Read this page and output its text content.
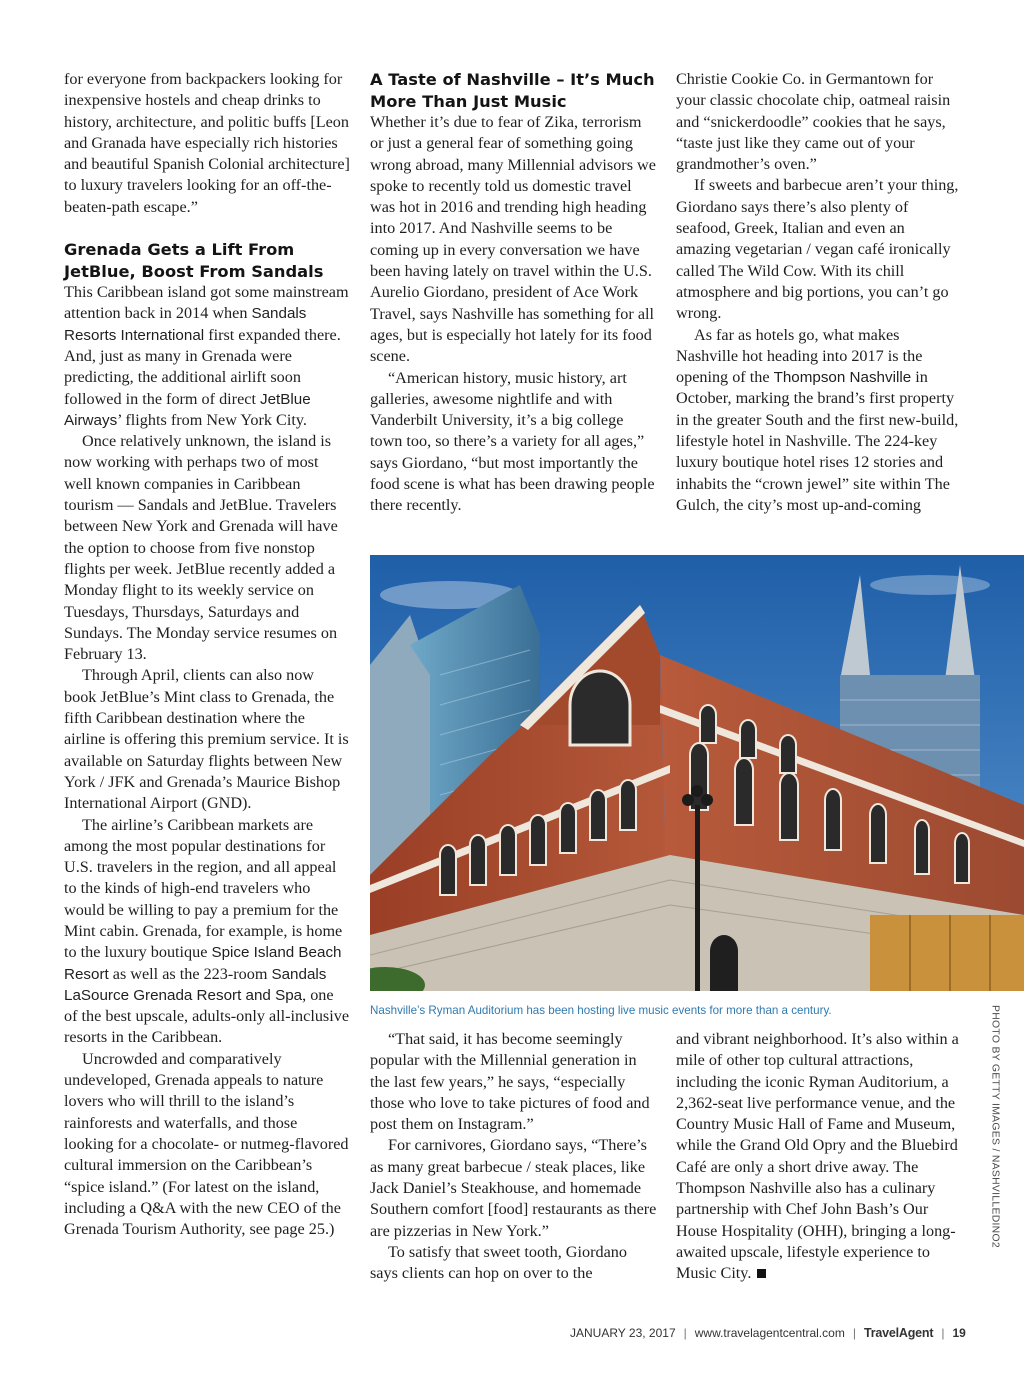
for everyone from backpackers looking for inexpensive hostels and cheap drinks to history, architecture, and politic buffs [Leon and Granada have especially rich histories and beautiful Spanish Colonial architecture] to luxury travelers looking for an off-the-beaten-path escape.”

Grenada Gets a Lift From JetBlue, Boost From Sandals

This Caribbean island got some mainstream attention back in 2014 when Sandals Resorts International first expanded there. And, just as many in Grenada were predicting, the additional airlift soon followed in the form of direct JetBlue Airways’ flights from New York City.

Once relatively unknown, the island is now working with perhaps two of most well known companies in Caribbean tourism — Sandals and JetBlue. Travelers between New York and Grenada will have the option to choose from five nonstop flights per week. JetBlue recently added a Monday flight to its weekly service on Tuesdays, Thursdays, Saturdays and Sundays. The Monday service resumes on February 13.

Through April, clients can also now book JetBlue’s Mint class to Grenada, the fifth Caribbean destination where the airline is offering this premium service. It is available on Saturday flights between New York / JFK and Grenada’s Maurice Bishop International Airport (GND).

The airline’s Caribbean markets are among the most popular destinations for U.S. travelers in the region, and all appeal to the kinds of high-end travelers who would be willing to pay a premium for the Mint cabin. Grenada, for example, is home to the luxury boutique Spice Island Beach Resort as well as the 223-room Sandals LaSource Grenada Resort and Spa, one of the best upscale, adults-only all-inclusive resorts in the Caribbean.

Uncrowded and comparatively undeveloped, Grenada appeals to nature lovers who will thrill to the island’s rainforests and waterfalls, and those looking for a chocolate- or nutmeg-flavored cultural immersion on the Caribbean’s “spice island.” (For latest on the island, including a Q&A with the new CEO of the Grenada Tourism Authority, see page 25.)

A Taste of Nashville – It’s Much More Than Just Music

Whether it’s due to fear of Zika, terrorism or just a general fear of something going wrong abroad, many Millennial advisors we spoke to recently told us domestic travel was hot in 2016 and trending high heading into 2017. And Nashville seems to be coming up in every conversation we have been having lately on travel within the U.S. Aurelio Giordano, president of Ace Work Travel, says Nashville has something for all ages, but is especially hot lately for its food scene.

“American history, music history, art galleries, awesome nightlife and with Vanderbilt University, it’s a big college town too, so there’s a variety for all ages,” says Giordano, “but most importantly the food scene is what has been drawing people there recently.

Christie Cookie Co. in Germantown for your classic chocolate chip, oatmeal raisin and “snickerdoodle” cookies that he says, “taste just like they came out of your grandmother’s oven.”

If sweets and barbecue aren’t your thing, Giordano says there’s also plenty of seafood, Greek, Italian and even an amazing vegetarian / vegan café ironically called The Wild Cow. With its chill atmosphere and big portions, you can’t go wrong.

As far as hotels go, what makes Nashville hot heading into 2017 is the opening of the Thompson Nashville in October, marking the brand’s first property in the greater South and the first new-build, lifestyle hotel in Nashville. The 224-key luxury boutique hotel rises 12 stories and inhabits the “crown jewel” site within The Gulch, the city’s most up-and-coming

Nashville’s Ryman Auditorium has been hosting live music events for more than a century.	PHOTO BY GETTY IMAGES / NASHVILLEDINO2

“That said, it has become seemingly popular with the Millennial generation in the last few years,” he says, “especially those who love to take pictures of food and post them on Instagram.”

For carnivores, Giordano says, “There’s as many great barbecue / steak places, like Jack Daniel’s Steakhouse, and homemade Southern comfort [food] restaurants as there are pizzerias in New York.”

To satisfy that sweet tooth, Giordano says clients can hop on over to the

and vibrant neighborhood. It’s also within a mile of other top cultural attractions, including the iconic Ryman Auditorium, a 2,362-seat live performance venue, and the Country Music Hall of Fame and Museum, while the Grand Old Opry and the Bluebird Café are only a short drive away. The Thompson Nashville also has a culinary partnership with Chef John Bash’s Our House Hospitality (OHH), bringing a long-awaited upscale, lifestyle experience to Music City.

JANUARY 23, 2017 | www.travelagentcentral.com | TravelAgent | 19
